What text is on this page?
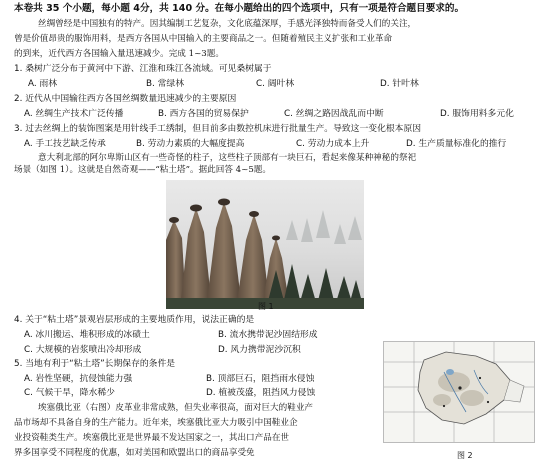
本卷共 35 个小题，每小题 4分，共 140 分。在每小题给出的四个选项中，只有一项是符合题目要求的。
丝绸曾经是中国独有的特产。因其编制工艺复杂，文化底蕴深厚，手感光泽独特而备受人们的关注，
曾是价值昂贵的服饰用料，是西方各国从中国输入的主要商品之一。但随着殖民主义扩张和工业革命
的到来，近代西方各国输入量迅速减少。完成 1~3题。
1. 桑树广泛分布于黄河中下游、江淮和珠江各流域。可见桑树属于
A. 雨林	B. 常绿林	C. 阔叶林	D. 针叶林
2. 近代从中国输往西方各国丝绸数量迅速减少的主要原因
A. 丝绸生产技术广泛传播	B. 西方各国的贸易保护	C. 丝绸之路因战乱而中断	D. 服饰用料多元化
3. 过去丝绸上的装饰图案是用针线手工绣制，但目前多由数控机床进行批量生产。导致这一变化根本原因
A. 手工技艺缺乏传承	B. 劳动力素质的大幅度提高	C. 劳动力成本上升	D. 生产质量标准化的推行
意大利北部的阿尔卑斯山区有一些奇怪的柱子，这些柱子顶部有一块巨石，看起来像某种神秘的祭祀
图 1
4. 关于“粘土塔”景观岩层形成的主要地质作用，说法正确的是
A. 冰川搬运、堆积形成的冰碛土	B. 流水携带泥沙固结形成
C. 大规模的岩浆喷出冷却形成	D. 风力携带泥沙沉积
5. 当地有利于“粘土塔”长期保存的条件是
A. 岩性坚硬，抗侵蚀能力强	B. 顶部巨石，阻挡雨水侵蚀
C. 气候干旱，降水稀少	D. 植被茂盛，阻挡风力侵蚀
埃塞俄比亚（右图）皮革业非常成熟，但失业率很高，面对巨大的鞋业产
品市场却不具备自身的生产能力。近年来，埃塞俄比亚大力吸引中国鞋业企
业投资鞋类生产。埃塞俄比亚是世界最不发达国家之一，其出口产品在世
界多国享受不同程度的优惠，如对美国和欧盟出口的商品享受免	图 2
场景（如图 1）。这就是自然奇观——“粘土塔”。据此回答 4~5题。
